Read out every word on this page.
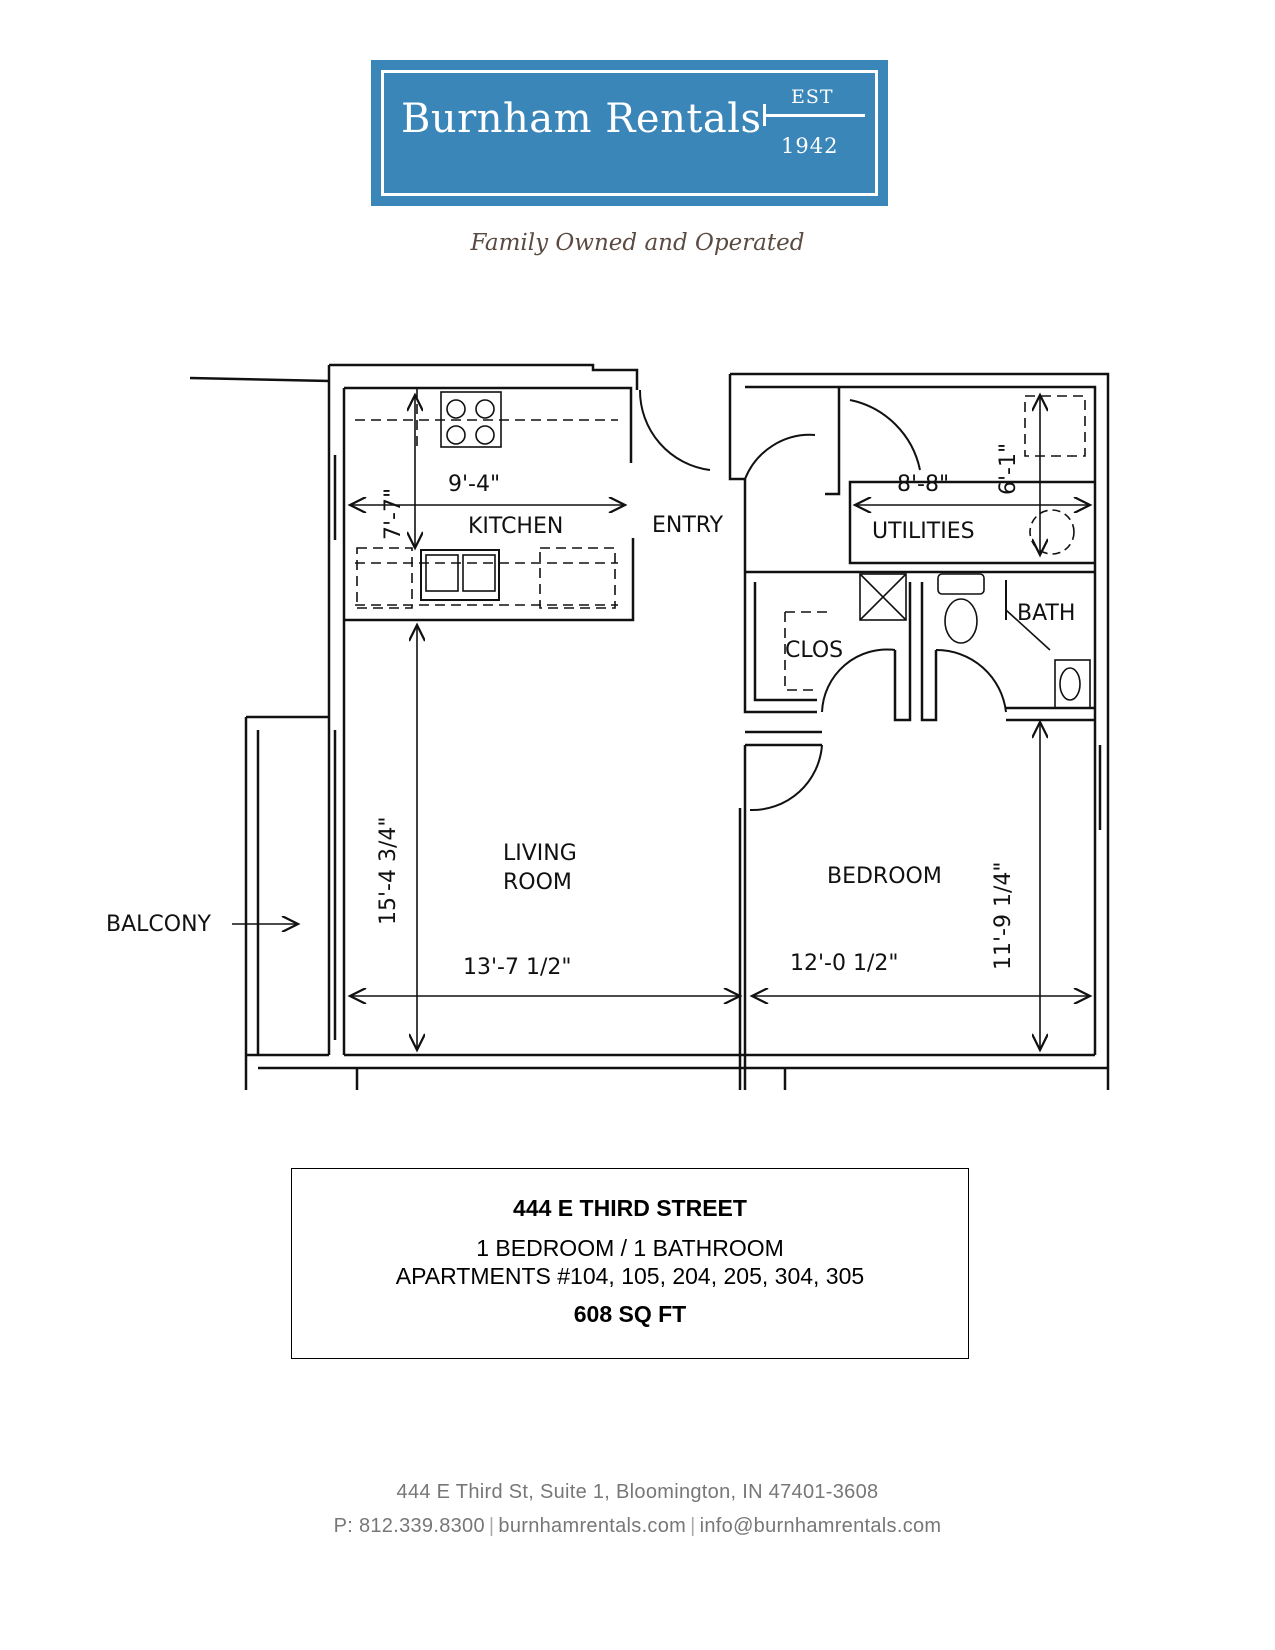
Burnham Rentals EST
1942
Family Owned and Operated
KITCHEN	ENTRY	UTILITIES
CLOS
BATH
LIVING
ROOM	BEDROOM
BALCONY
9'-4"	8'-8"
13'-7 1/2"	12'-0 1/2"
7'-7"
6'-1"
15'-4 3/4"	11'-9 1/4"
444 E THIRD STREET
1 BEDROOM / 1 BATHROOM
APARTMENTS #104, 105, 204, 205, 304, 305
608 SQ FT
444 E Third St, Suite 1, Bloomington, IN 47401-3608
P: 812.339.8300 | burnhamrentals.com | info@burnhamrentals.com
